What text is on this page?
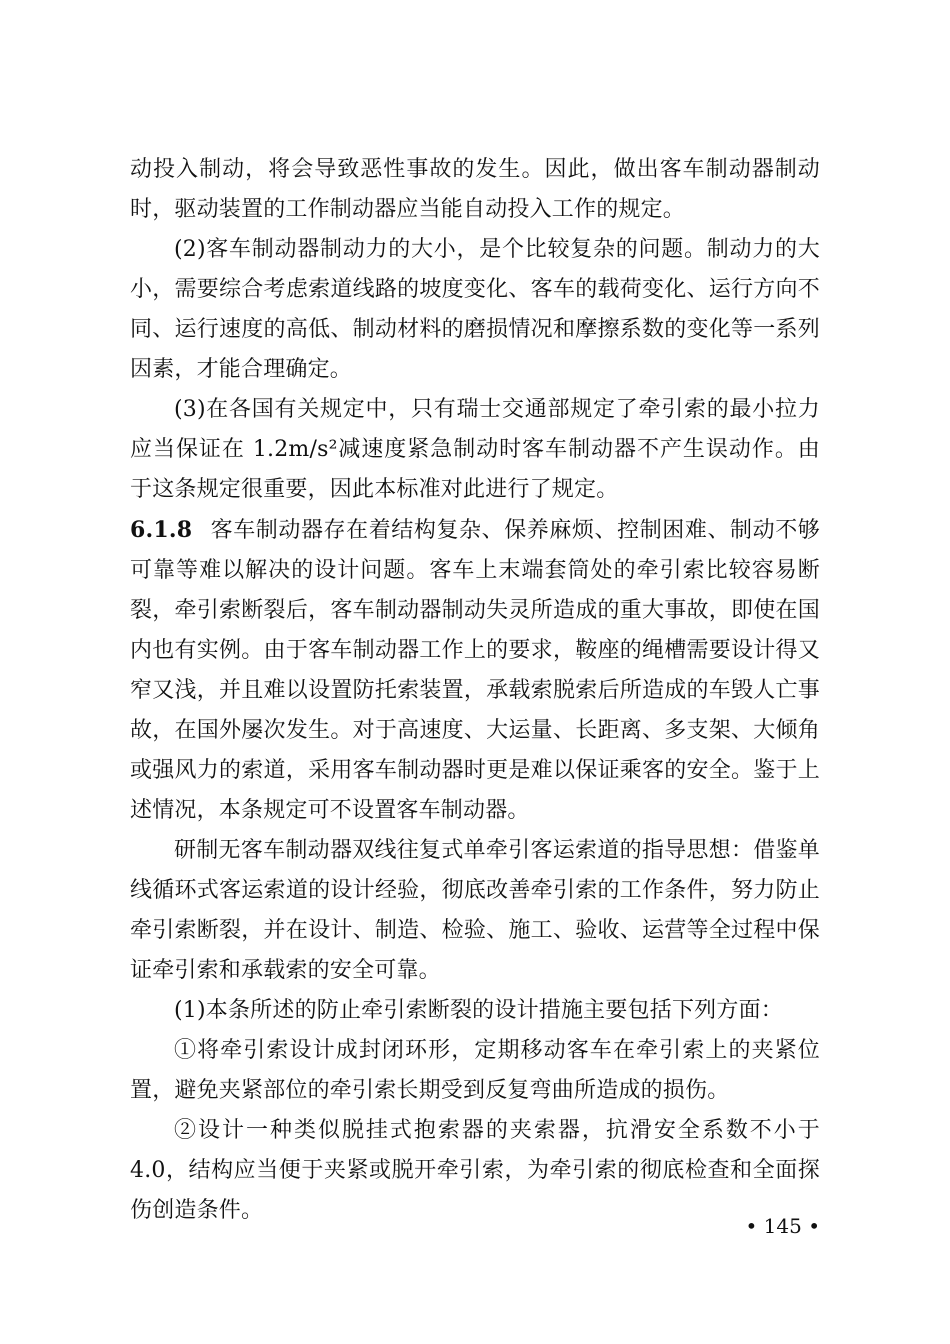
动投入制动，将会导致恶性事故的发生。因此，做出客车制动器制动时，驱动装置的工作制动器应当能自动投入工作的规定。

(2)客车制动器制动力的大小，是个比较复杂的问题。制动力的大小，需要综合考虑索道线路的坡度变化、客车的载荷变化、运行方向不同、运行速度的高低、制动材料的磨损情况和摩擦系数的变化等一系列因素，才能合理确定。

(3)在各国有关规定中，只有瑞士交通部规定了牵引索的最小拉力应当保证在 1.2m/s²减速度紧急制动时客车制动器不产生误动作。由于这条规定很重要，因此本标准对此进行了规定。

6.1.8 客车制动器存在着结构复杂、保养麻烦、控制困难、制动不够可靠等难以解决的设计问题。客车上末端套筒处的牵引索比较容易断裂，牵引索断裂后，客车制动器制动失灵所造成的重大事故，即使在国内也有实例。由于客车制动器工作上的要求，鞍座的绳槽需要设计得又窄又浅，并且难以设置防托索装置，承载索脱索后所造成的车毁人亡事故，在国外屡次发生。对于高速度、大运量、长距离、多支架、大倾角或强风力的索道，采用客车制动器时更是难以保证乘客的安全。鉴于上述情况，本条规定可不设置客车制动器。

研制无客车制动器双线往复式单牵引客运索道的指导思想：借鉴单线循环式客运索道的设计经验，彻底改善牵引索的工作条件，努力防止牵引索断裂，并在设计、制造、检验、施工、验收、运营等全过程中保证牵引索和承载索的安全可靠。

(1)本条所述的防止牵引索断裂的设计措施主要包括下列方面：

①将牵引索设计成封闭环形，定期移动客车在牵引索上的夹紧位置，避免夹紧部位的牵引索长期受到反复弯曲所造成的损伤。

②设计一种类似脱挂式抱索器的夹索器，抗滑安全系数不小于 4.0，结构应当便于夹紧或脱开牵引索，为牵引索的彻底检查和全面探伤创造条件。

• 145 •
